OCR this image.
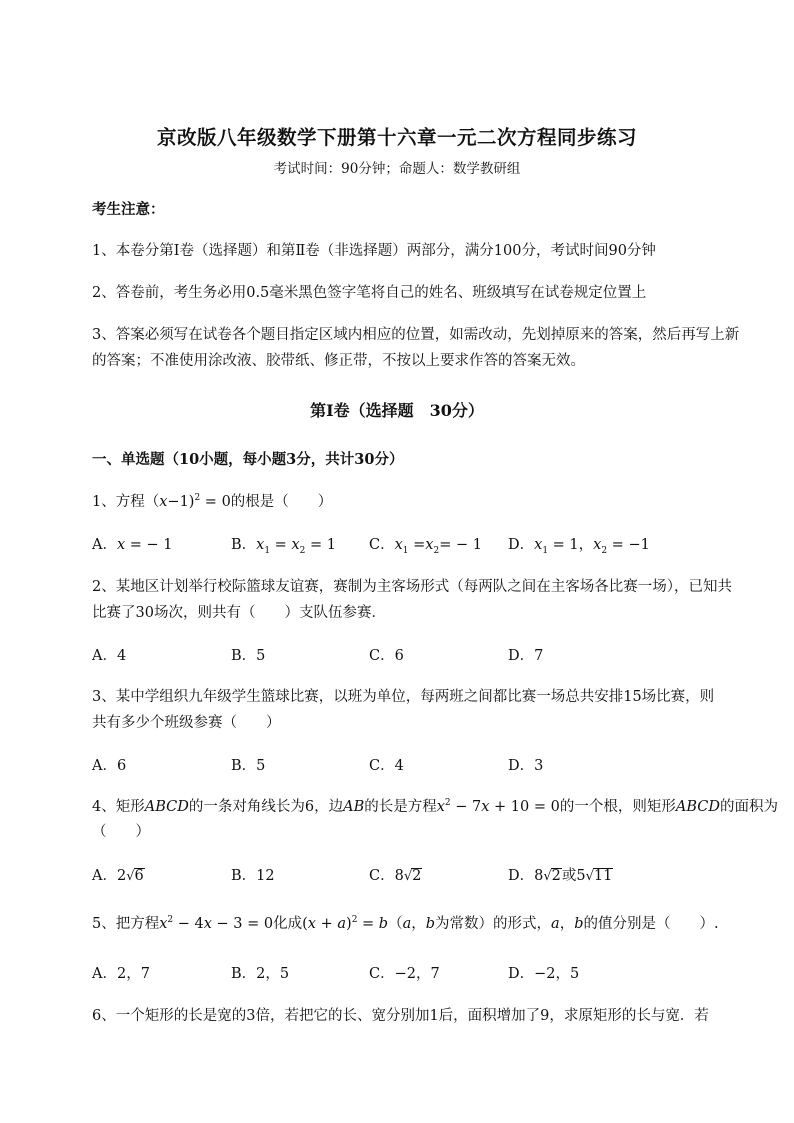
京改版八年级数学下册第十六章一元二次方程同步练习
考试时间：90分钟；命题人：数学教研组
考生注意：
1、本卷分第I卷（选择题）和第Ⅱ卷（非选择题）两部分，满分100分，考试时间90分钟
2、答卷前，考生务必用0.5毫米黑色签字笔将自己的姓名、班级填写在试卷规定位置上
3、答案必须写在试卷各个题目指定区域内相应的位置，如需改动，先划掉原来的答案，然后再写上新
的答案；不准使用涂改液、胶带纸、修正带，不按以上要求作答的答案无效。
第I卷（选择题　30分）
一、单选题（10小题，每小题3分，共计30分）
1、方程（x−1)$^2$ = 0的根是（　　）
A．x = − 1	B．$x_1 = x_2 = 1$ C．$x_1 =x_2= - 1$ D．$x_1 = 1$，$x_2 = -1$
2、某地区计划举行校际篮球友谊赛，赛制为主客场形式（每两队之间在主客场各比赛一场），已知共
比赛了30场次，则共有（　　）支队伍参赛．
A．4	B．5	C．6	D．7
3、某中学组织九年级学生篮球比赛，以班为单位，每两班之间都比赛一场总共安排15场比赛，则
共有多少个班级参赛（　　）
A．6	B．5	C．4	D．3
4、矩形ABCD的一条对角线长为6，边AB的长是方程$x^2 - 7x + 10 = 0$的一个根，则矩形ABCD的面积为
（　　）
A．2√6	B．12	C．8√2	D．8√2或5√11
5、把方程$x^2 - 4x - 3 = 0$化成$(x + a)^2 = b(a$，b为常数）的形式，a，b的值分别是（　　）.
A．2，7	B．2，5	C．−2，7	D．−2，5
6、一个矩形的长是宽的3倍，若把它的长、宽分别加1后，面积增加了9，求原矩形的长与宽．若
